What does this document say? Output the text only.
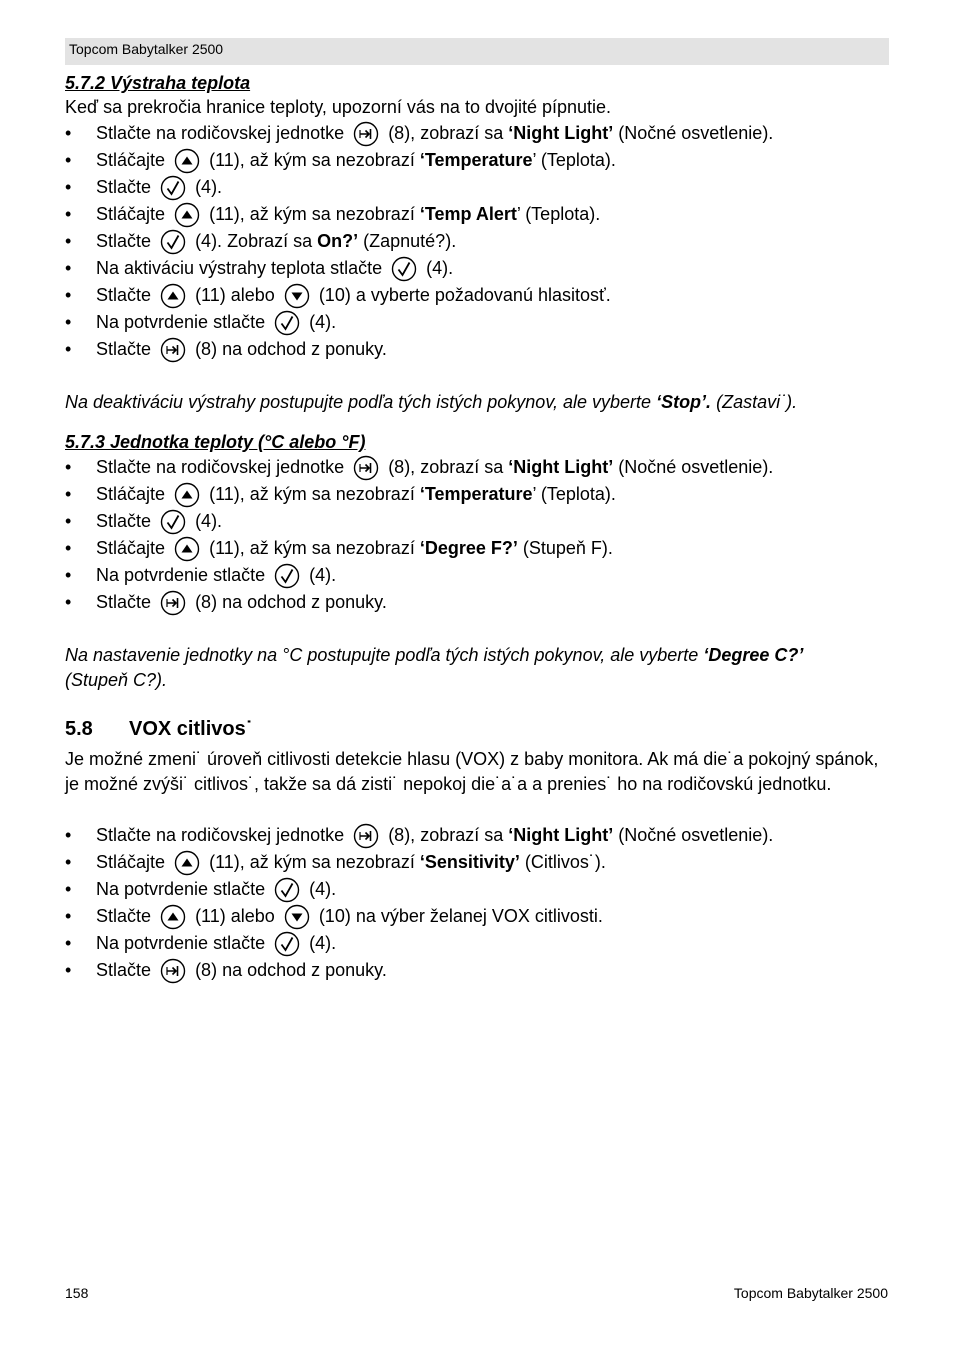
Topcom Babytalker 2500
5.7.2 Výstraha teplota

Keď sa prekročia hranice teploty, upozorní vás na to dvojité pípnutie.

• Stlačte na rodičovskej jednotke (8), zobrazí sa ‘Night Light’ (Nočné osvetlenie).
• Stláčajte (11), až kým sa nezobrazí ‘Temperature’ (Teplota).
• Stlačte (4).
• Stláčajte (11), až kým sa nezobrazí ‘Temp Alert’ (Teplota).
• Stlačte (4). Zobrazí sa On?’ (Zapnuté?).
• Na aktiváciu výstrahy teplota stlačte (4).
• Stlačte (11) alebo (10) a vyberte požadovanú hlasitosť.
• Na potvrdenie stlačte (4).
• Stlačte (8) na odchod z ponuky.

Na deaktiváciu výstrahy postupujte podľa tých istých pokynov, ale vyberte ‘Stop’. (Zastavi˙).

5.7.3 Jednotka teploty (°C alebo °F)
• Stlačte na rodičovskej jednotke (8), zobrazí sa ‘Night Light’ (Nočné osvetlenie).
• Stláčajte (11), až kým sa nezobrazí ‘Temperature’ (Teplota).
• Stlačte (4).
• Stláčajte (11), až kým sa nezobrazí ‘Degree F?’ (Stupeň F).
• Na potvrdenie stlačte (4).
• Stlačte (8) na odchod z ponuky.

Na nastavenie jednotky na °C postupujte podľa tých istých pokynov, ale vyberte ‘Degree C?’
(Stupeň C?).

5.8 VOX citlivos˙

Je možné zmeni˙ úroveň citlivosti detekcie hlasu (VOX) z baby monitora. Ak má die˙a pokojný spánok, je možné zvýši˙ citlivos˙, takže sa dá zisti˙ nepokoj die˙a˙a a prenies˙ ho na rodičovskú jednotku.

• Stlačte na rodičovskej jednotke (8), zobrazí sa ‘Night Light’ (Nočné osvetlenie).
• Stláčajte (11), až kým sa nezobrazí ‘Sensitivity’ (Citlivos˙).
• Na potvrdenie stlačte (4).
• Stlačte (11) alebo (10) na výber želanej VOX citlivosti.
• Na potvrdenie stlačte (4).
• Stlačte (8) na odchod z ponuky.
158	Topcom Babytalker 2500
